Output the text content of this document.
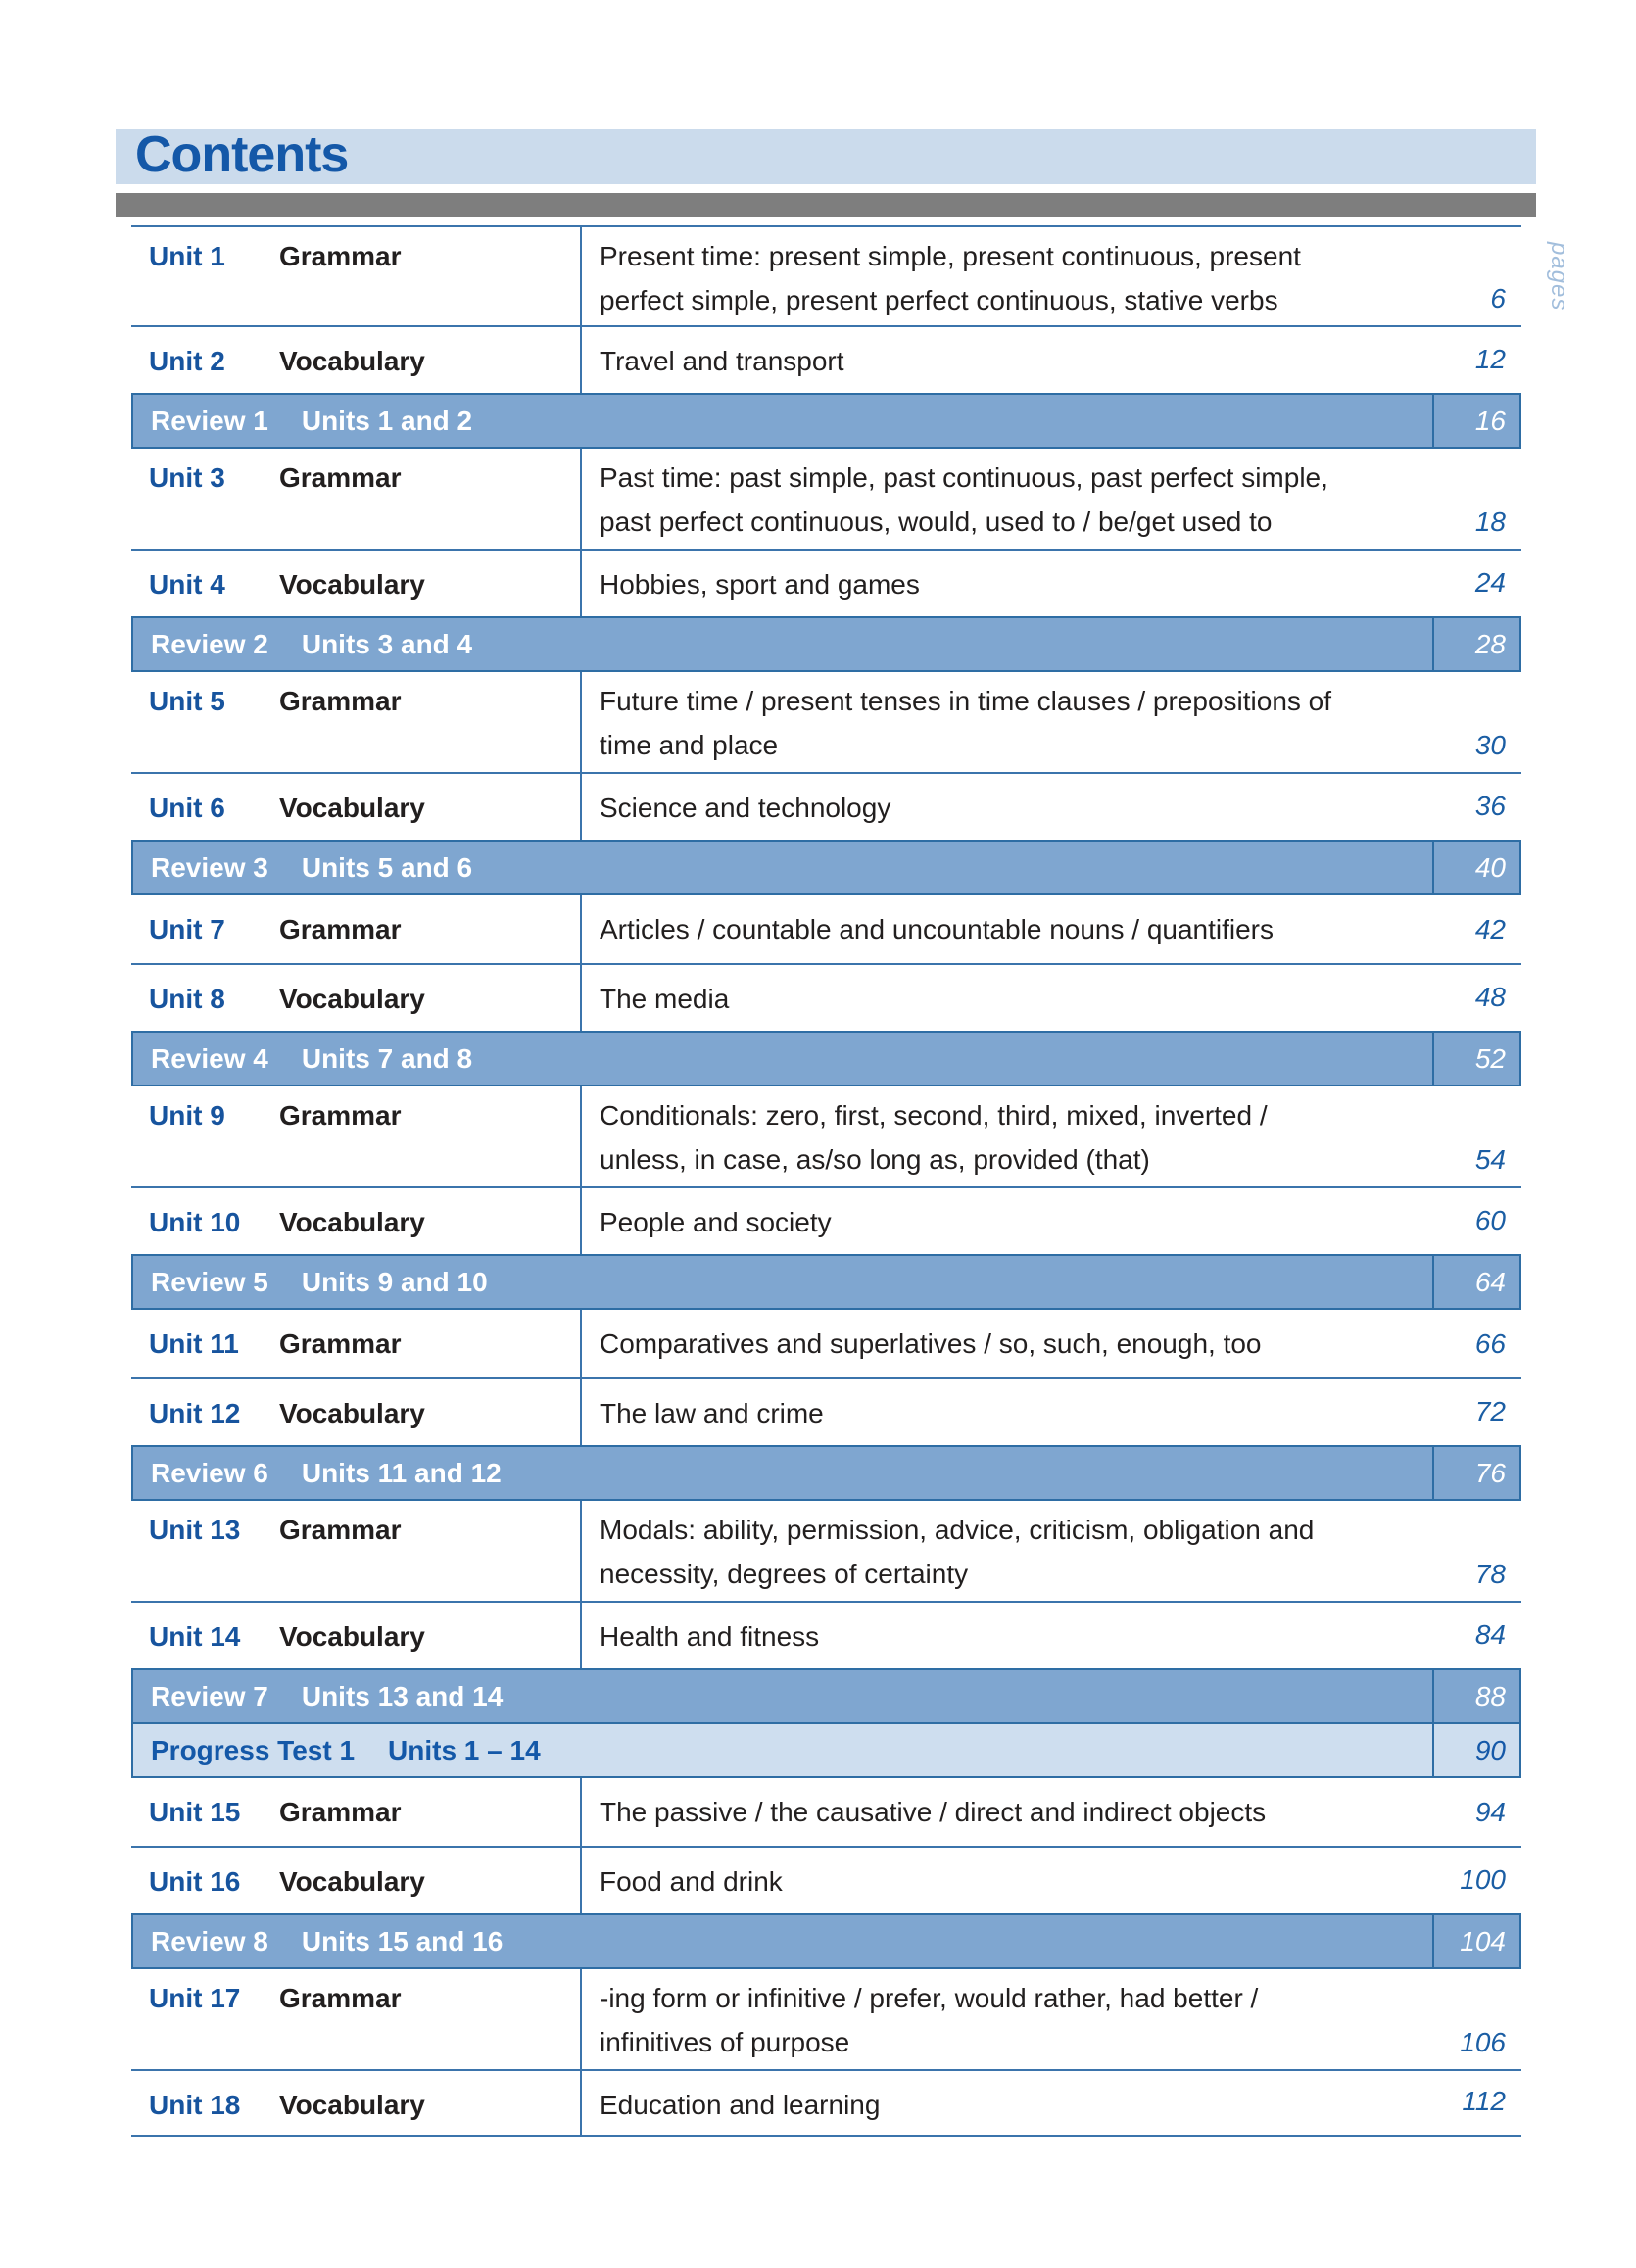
Contents
pages
Unit 1 Grammar	Present time: present simple, present continuous, present
perfect simple, present perfect continuous, stative verbs	6
Unit 2 Vocabulary	Travel and transport	12
Review 1 Units 1 and 2	16
Unit 3 Grammar	Past time: past simple, past continuous, past perfect simple,
past perfect continuous, would, used to / be/get used to	18
Unit 4 Vocabulary	Hobbies, sport and games	24
Review 2 Units 3 and 4	28
Unit 5 Grammar	Future time / present tenses in time clauses / prepositions of
time and place	30
Unit 6 Vocabulary	Science and technology	36
Review 3 Units 5 and 6	40
Unit 7 Grammar	Articles / countable and uncountable nouns / quantifiers	42
Unit 8 Vocabulary	The media	48
Review 4 Units 7 and 8	52
Unit 9 Grammar	Conditionals: zero, first, second, third, mixed, inverted /
unless, in case, as/so long as, provided (that)	54
Unit 10 Vocabulary	People and society	60
Review 5 Units 9 and 10	64
Unit 11 Grammar	Comparatives and superlatives / so, such, enough, too	66
Unit 12 Vocabulary	The law and crime	72
Review 6 Units 11 and 12	76
Unit 13 Grammar	Modals: ability, permission, advice, criticism, obligation and
necessity, degrees of certainty	78
Unit 14 Vocabulary	Health and fitness	84
Review 7 Units 13 and 14	88
Progress Test 1 Units 1 – 14	90
Unit 15 Grammar	The passive / the causative / direct and indirect objects	94
Unit 16 Vocabulary	Food and drink	100
Review 8 Units 15 and 16	104
Unit 17 Grammar	-ing form or infinitive / prefer, would rather, had better /
infinitives of purpose	106
Unit 18 Vocabulary	Education and learning	112
